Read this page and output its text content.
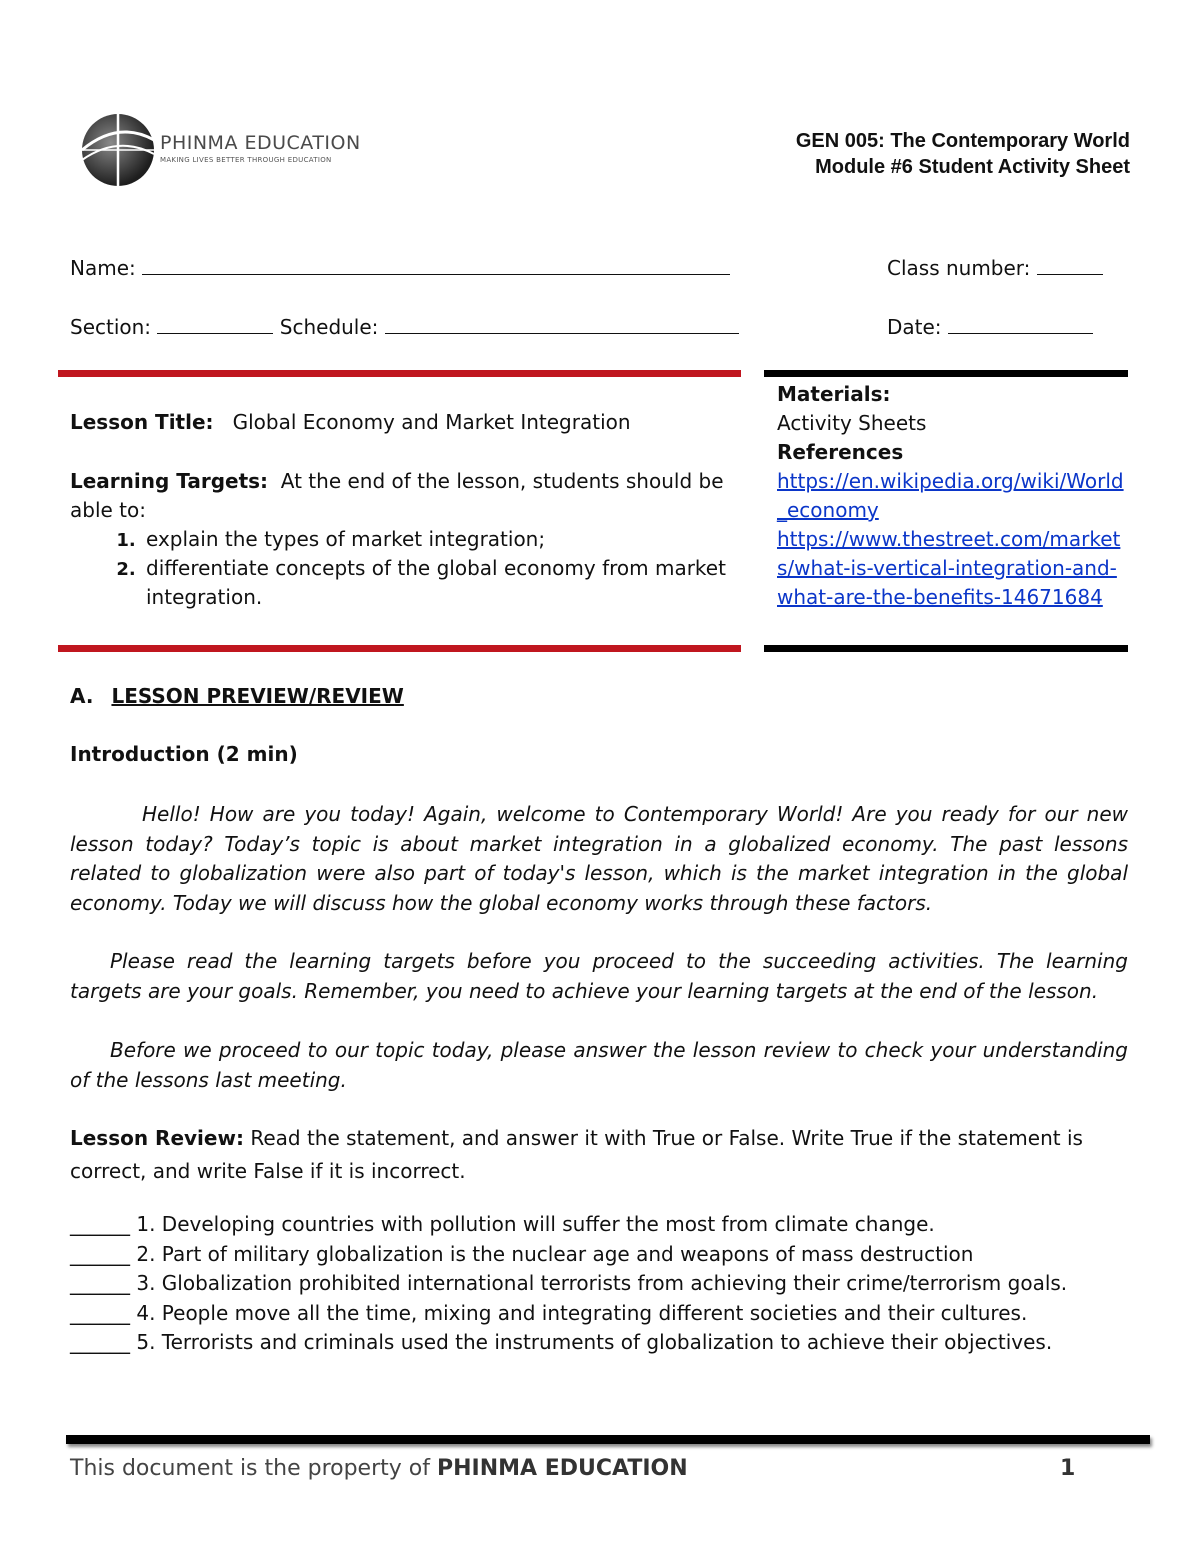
PHINMA EDUCATION
MAKING LIVES BETTER THROUGH EDUCATION
GEN 005: The Contemporary World
Module #6 Student Activity Sheet
Name:	Class number:
Section:	Schedule:	Date:
Lesson Title: Global Economy and Market Integration
Learning Targets: At the end of the lesson, students should be able to:
1. explain the types of market integration;
2. differentiate concepts of the global economy from market integration.
Materials:
Activity Sheets
References
https://en.wikipedia.org/wiki/World_economy
https://www.thestreet.com/markets/what-is-vertical-integration-and-what-are-the-benefits-14671684
A. LESSON PREVIEW/REVIEW
Introduction (2 min)
Hello! How are you today! Again, welcome to Contemporary World! Are you ready for our new lesson today? Today’s topic is about market integration in a globalized economy. The past lessons related to globalization were also part of today's lesson, which is the market integration in the global economy. Today we will discuss how the global economy works through these factors.
Please read the learning targets before you proceed to the succeeding activities. The learning targets are your goals. Remember, you need to achieve your learning targets at the end of the lesson.
Before we proceed to our topic today, please answer the lesson review to check your understanding of the lessons last meeting.
Lesson Review: Read the statement, and answer it with True or False. Write True if the statement is correct, and write False if it is incorrect.
______ 1. Developing countries with pollution will suffer the most from climate change.
______ 2. Part of military globalization is the nuclear age and weapons of mass destruction
______ 3. Globalization prohibited international terrorists from achieving their crime/terrorism goals.
______ 4. People move all the time, mixing and integrating different societies and their cultures.
______ 5. Terrorists and criminals used the instruments of globalization to achieve their objectives.
This document is the property of PHINMA EDUCATION	1
